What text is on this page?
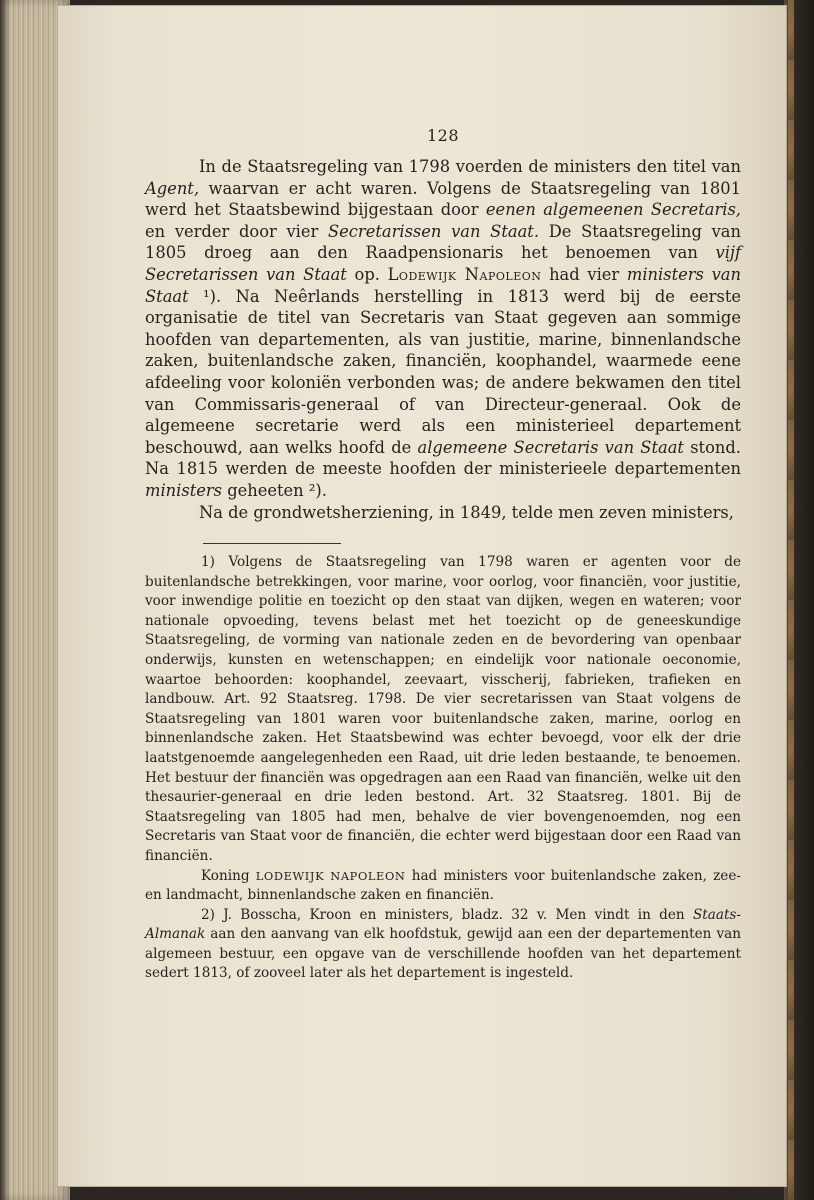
128

In de Staatsregeling van 1798 voerden de ministers den titel van Agent, waarvan er acht waren. Volgens de Staatsregeling van 1801 werd het Staatsbewind bijgestaan door eenen algemeenen Secretaris, en verder door vier Secretarissen van Staat. De Staatsregeling van 1805 droeg aan den Raadpensionaris het benoemen van vijf Secretarissen van Staat op. Lodewijk Napoleon had vier ministers van Staat ¹). Na Neêrlands herstelling in 1813 werd bij de eerste organisatie de titel van Secretaris van Staat gegeven aan sommige hoofden van departementen, als van justitie, marine, binnenlandsche zaken, buitenlandsche zaken, financiën, koophandel, waarmede eene afdeeling voor koloniën verbonden was; de andere bekwamen den titel van Commissaris-generaal of van Directeur-generaal. Ook de algemeene secretarie werd als een ministerieel departement beschouwd, aan welks hoofd de algemeene Secretaris van Staat stond. Na 1815 werden de meeste hoofden der ministerieele departementen ministers geheeten ²).

Na de grondwetsherziening, in 1849, telde men zeven ministers,

1) Volgens de Staatsregeling van 1798 waren er agenten voor de buitenlandsche betrekkingen, voor marine, voor oorlog, voor financiën, voor justitie, voor inwendige politie en toezicht op den staat van dijken, wegen en wateren; voor nationale opvoeding, tevens belast met het toezicht op de geneeskundige Staatsregeling, de vorming van nationale zeden en de bevordering van openbaar onderwijs, kunsten en wetenschappen; en eindelijk voor nationale oeconomie, waartoe behoorden: koophandel, zeevaart, visscherij, fabrieken, trafieken en landbouw. Art. 92 Staatsreg. 1798. De vier secretarissen van Staat volgens de Staatsregeling van 1801 waren voor buitenlandsche zaken, marine, oorlog en binnenlandsche zaken. Het Staatsbewind was echter bevoegd, voor elk der drie laatstgenoemde aangelegenheden een Raad, uit drie leden bestaande, te benoemen. Het bestuur der financiën was opgedragen aan een Raad van financiën, welke uit den thesaurier-generaal en drie leden bestond. Art. 32 Staatsreg. 1801. Bij de Staatsregeling van 1805 had men, behalve de vier bovengenoemden, nog een Secretaris van Staat voor de financiën, die echter werd bijgestaan door een Raad van financiën.

Koning LODEWIJK NAPOLEON had ministers voor buitenlandsche zaken, zee- en landmacht, binnenlandsche zaken en financiën.

2) J. Bosscha, Kroon en ministers, bladz. 32 v. Men vindt in den Staats-Almanak aan den aanvang van elk hoofdstuk, gewijd aan een der departementen van algemeen bestuur, een opgave van de verschillende hoofden van het departement sedert 1813, of zooveel later als het departement is ingesteld.
